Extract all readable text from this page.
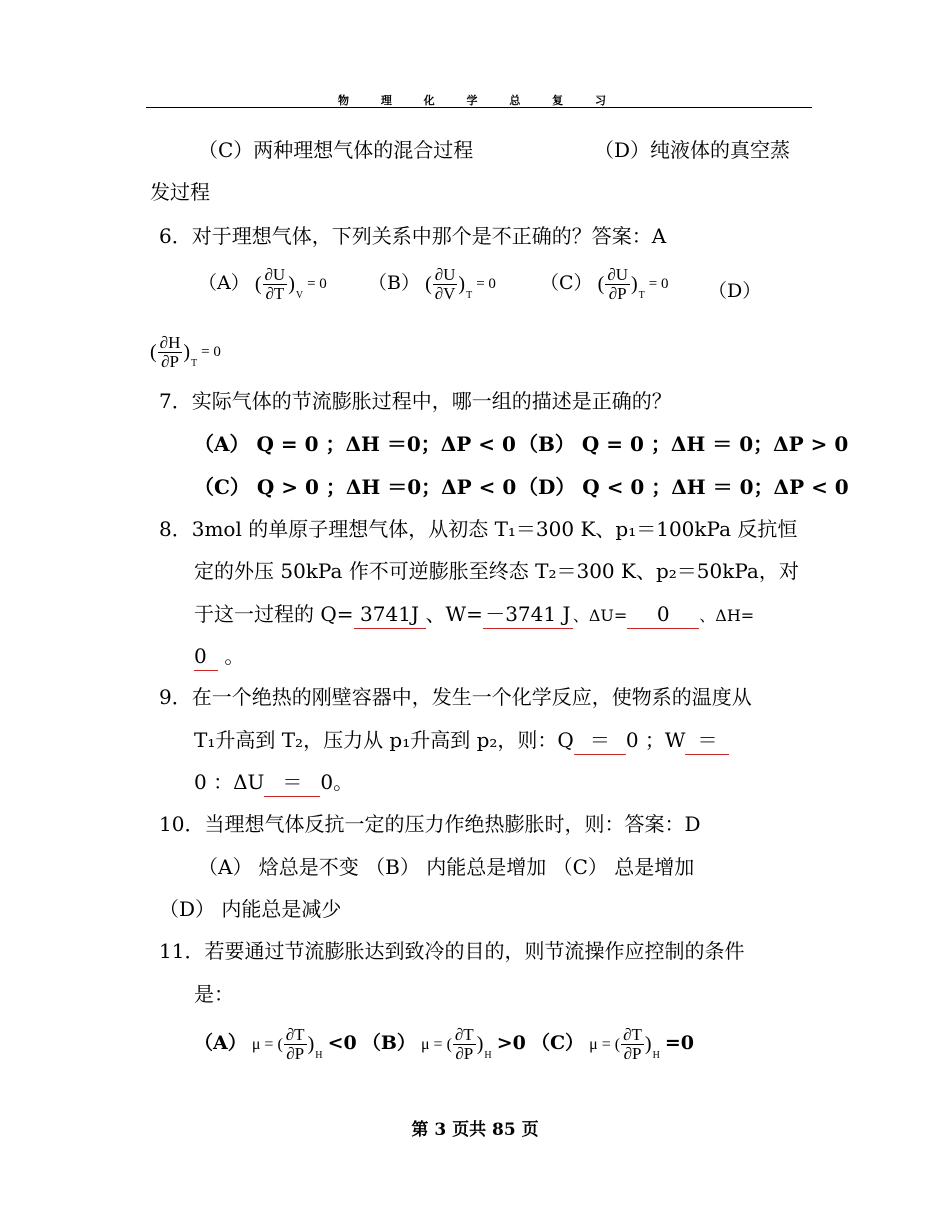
物 理 化 学 总 复 习
（C）两种理想气体的混合过程	（D）纯液体的真空蒸
发过程
6．对于理想气体，下列关系中那个是不正确的？答案：A
（A） ( $\frac{\partial U}{\partial T}$ )
V
= 0 （B） ( $\frac{\partial U}{\partial V}$ )
T
= 0 （C） ( $\frac{\partial U}{\partial P}$ )
T
= 0 （D）
( $\frac{\partial H}{\partial P}$ )
T
= 0
7．实际气体的节流膨胀过程中，哪一组的描述是正确的？
（A） Q = 0 ；ΔH ＝0；ΔP < 0 （B） Q = 0 ；ΔH ＝ 0；ΔP > 0
（C） Q > 0 ；ΔH ＝0；ΔP < 0 （D） Q < 0 ；ΔH ＝ 0；ΔP < 0
8．3mol 的单原子理想气体，从初态 T₁＝300 K、p₁＝100kPa 反抗恒
定的外压 50kPa 作不可逆膨胀至终态 T₂＝300 K、p₂＝50kPa，对
于这一过程的 Q= 3741J 、W= －3741 J 、ΔU= 0 、ΔH=
0 。
9．在一个绝热的刚壁容器中，发生一个化学反应，使物系的温度从
T₁升高到 T₂，压力从 p₁升高到 p₂，则：Q ＝ 0 ；W ＝
0 ：ΔU ＝ 0。
10．当理想气体反抗一定的压力作绝热膨胀时，则：答案：D
（A） 焓总是不变 （B） 内能总是增加 （C） 总是增加
（D） 内能总是减少
11．若要通过节流膨胀达到致冷的目的，则节流操作应控制的条件
是：
（A） μ = ( $\frac{\partial T}{\partial P}$ )
H
<0 （B） μ = ( $\frac{\partial T}{\partial P}$ )
H
>0 （C） μ = ( $\frac{\partial T}{\partial P}$ )
H
=0
第 3 页共 85 页
